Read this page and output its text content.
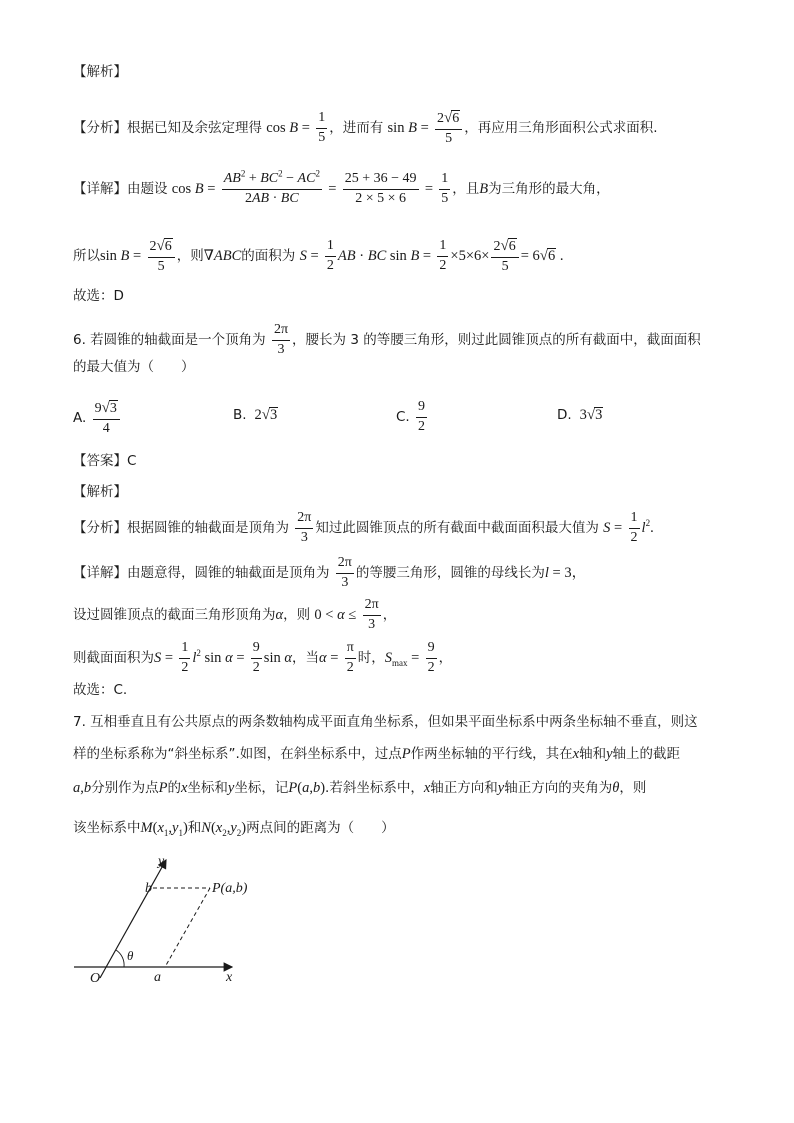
【解析】
【分析】根据已知及余弦定理得 $\cos B = \frac{1}{5}$ ，进而有 $\sin B = \frac{2√6}{5}$ ，再应用三角形面积公式求面积.
【详解】由题设 $\cos B = \frac{AB^2 + BC^2 - AC^2}{2AB \cdot BC} = \frac{25 + 36 - 49}{2 \times 5 \times 6} = \frac{1}{5}$ ，且B为三角形的最大角，
所以$\sin B = \frac{2√6}{5}$ ，则∇ABC的面积为 $S = \frac{1}{2}$ AB · BC $\sin B = \frac{1}{2} \times 5\times 6\times \frac{2√6}{5} = 6√6$ .
故选：D
6. 若圆锥的轴截面是一个顶角为 $\frac{2\pi}{3}$ ，腰长为 3 的等腰三角形，则过此圆锥顶点的所有截面中，截面面积
的最大值为（　　）
A. $\frac{9√3}{4}$	B.  2√3	C. $\frac{9}{2}$	D.  3√3
【答案】C
【解析】
【分析】根据圆锥的轴截面是顶角为 $\frac{2\pi}{3}$ 知过此圆锥顶点的所有截面中截面面积最大值为 $S = \frac{1}{2} l^2$.
【详解】由题意得，圆锥的轴截面是顶角为 $\frac{2\pi}{3}$ 的等腰三角形，圆锥的母线长为l = 3，
设过圆锥顶点的截面三角形顶角为α，则 $0 < \alpha \le \frac{2\pi}{3}$ ，
则截面面积为$S = \frac{1}{2} l^2$ $\sin \alpha = \frac{9}{2}$ sin α，当$\alpha = \frac{\pi}{2}$ 时，$S_{max} = \frac{9}{2}$ ，
故选：C.
7. 互相垂直且有公共原点的两条数轴构成平面直角坐标系，但如果平面坐标系中两条坐标轴不垂直，则这
样的坐标系称为“斜坐标系”.如图，在斜坐标系中，过点P作两坐标轴的平行线，其在x轴和y轴上的截距
a,b分别作为点P的x坐标和y坐标，记P(a,b).若斜坐标系中，x轴正方向和y轴正方向的夹角为θ，则
该坐标系中$M(x_1,y_1)$和$N(x_2,y_2)$两点间的距离为（　　）
y
b	P(a,b)
θ
O	a	x
